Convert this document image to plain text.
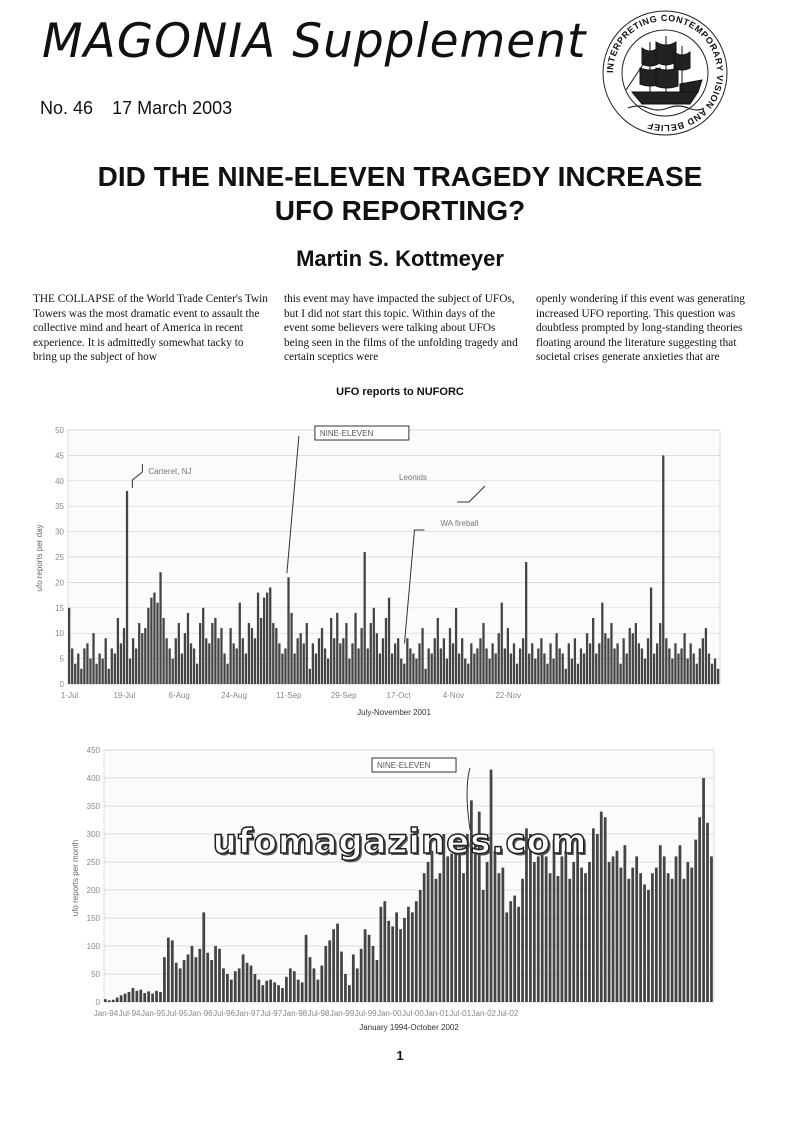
MAGONIA Supplement
No. 46 17 March 2003
INTERPRETING CONTEMPORARY VISION AND BELIEF
DID THE NINE-ELEVEN TRAGEDY INCREASE
UFO REPORTING?
Martin S. Kottmeyer
THE COLLAPSE of the World Trade Center's Twin Towers was the most dramatic event to assault the collective mind and heart of America in recent experience. It is admittedly somewhat tacky to bring up the subject of how
this event may have impacted the subject of UFOs, but I did not start this topic. Within days of the event some believers were talking about UFOs being seen in the films of the unfolding tragedy and certain sceptics were
openly wondering if this event was generating increased UFO reporting. This question was doubtless prompted by long-standing theories floating around the literature suggesting that societal crises generate anxieties that are
UFO reports to NUFORC
0
5
10
15
20
25
30
35
40
45
50
1-Jul	19-Jul	6-Aug	24-Aug	11-Sep	29-Sep	17-Oct	4-Nov	22-Nov
July-November 2001
ufo reports per day
Carteret, NJ
NINE-ELEVEN
WA fireball
Leonids
0
50
100
150
200
250
300
350
400
450
Jan-94 Jul-94 Jan-95 Jul-95 Jan-96 Jul-96 Jan-97 Jul-97 Jan-98 Jul-98 Jan-99 Jul-99 Jan-00 Jul-00 Jan-01 Jul-01 Jan-02 Jul-02
January 1994-October 2002
ufo reports per month
NINE-ELEVEN
ufomagazines.com
1
